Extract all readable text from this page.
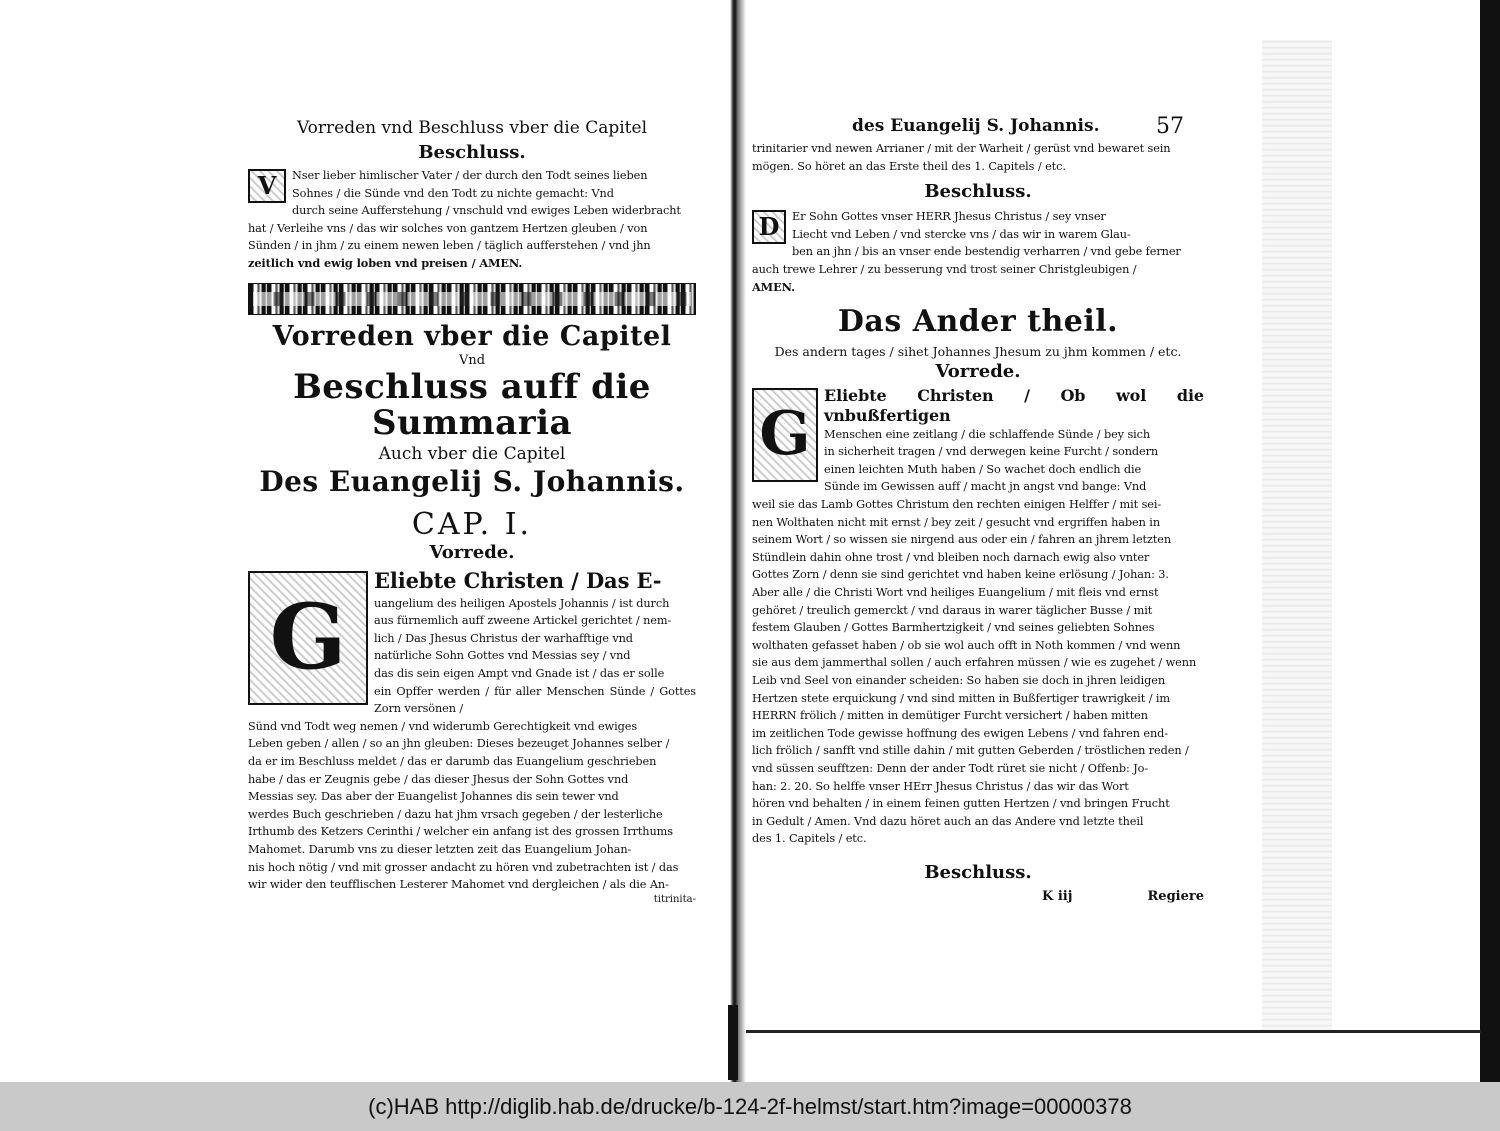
Vorreden vnd Beschluss vber die Capitel
Beschluss.
V	Nser lieber himlischer Vater / der durch den Todt seines lieben

Sohnes / die Sünde vnd den Todt zu nichte gemacht: Vnd

durch seine Aufferstehung / vnschuld vnd ewiges Leben widerbracht

hat / Verleihe vns / das wir solches von gantzem Hertzen gleuben / von

Sünden / in jhm / zu einem newen leben / täglich aufferstehen / vnd jhn

zeitlich vnd ewig loben vnd preisen / AMEN.

Vorreden vber die Capitel
Vnd
Beschluss auff die Summaria
Auch vber die Capitel
Des Euangelij S. Johannis.
CAP. I.
Vorrede.
G

Eliebte Christen / Das E-

uangelium des heiligen Apostels Johannis / ist durch

aus fürnemlich auff zweene Artickel gerichtet / nem-

lich / Das Jhesus Christus der warhafftige vnd

natürliche Sohn Gottes vnd Messias sey / vnd

das dis sein eigen Ampt vnd Gnade ist / das er solle

ein Opffer werden / für aller Menschen Sünde / Gottes Zorn versönen /

Sünd vnd Todt weg nemen / vnd widerumb Gerechtigkeit vnd ewiges

Leben geben / allen / so an jhn gleuben: Dieses bezeuget Johannes selber /

da er im Beschluss meldet / das er darumb das Euangelium geschrieben

habe / das er Zeugnis gebe / das dieser Jhesus der Sohn Gottes vnd

Messias sey. Das aber der Euangelist Johannes dis sein tewer vnd

werdes Buch geschrieben / dazu hat jhm vrsach gegeben / der lesterliche

Irthumb des Ketzers Cerinthi / welcher ein anfang ist des grossen Irrthums

Mahomet. Darumb vns zu dieser letzten zeit das Euangelium Johan-

nis hoch nötig / vnd mit grosser andacht zu hören vnd zubetrachten ist / das

wir wider den teufflischen Lesterer Mahomet vnd dergleichen / als die An-

titrinita-
des Euangelij S. Johannis.	57

trinitarier vnd newen Arrianer / mit der Warheit / gerüst vnd bewaret sein

mögen. So höret an das Erste theil des 1. Capitels / etc.

Beschluss.
D	Er Sohn Gottes vnser HERR Jhesus Christus / sey vnser

Liecht vnd Leben / vnd stercke vns / das wir in warem Glau-

ben an jhn / bis an vnser ende bestendig verharren / vnd gebe ferner

auch trewe Lehrer / zu besserung vnd trost seiner Christgleubigen /

AMEN.

Das Ander theil.
Des andern tages / sihet Johannes Jhesum zu jhm kommen / etc.
Vorrede.
G

Eliebte Christen / Ob wol die vnbußfertigen

Menschen eine zeitlang / die schlaffende Sünde / bey sich

in sicherheit tragen / vnd derwegen keine Furcht / sondern

einen leichten Muth haben / So wachet doch endlich die

Sünde im Gewissen auff / macht jn angst vnd bange: Vnd

weil sie das Lamb Gottes Christum den rechten einigen Helffer / mit sei-

nen Wolthaten nicht mit ernst / bey zeit / gesucht vnd ergriffen haben in

seinem Wort / so wissen sie nirgend aus oder ein / fahren an jhrem letzten

Stündlein dahin ohne trost / vnd bleiben noch darnach ewig also vnter

Gottes Zorn / denn sie sind gerichtet vnd haben keine erlösung / Johan: 3.

Aber alle / die Christi Wort vnd heiliges Euangelium / mit fleis vnd ernst

gehöret / treulich gemerckt / vnd daraus in warer täglicher Busse / mit

festem Glauben / Gottes Barmhertzigkeit / vnd seines geliebten Sohnes

wolthaten gefasset haben / ob sie wol auch offt in Noth kommen / vnd wenn

sie aus dem jammerthal sollen / auch erfahren müssen / wie es zugehet / wenn

Leib vnd Seel von einander scheiden: So haben sie doch in jhren leidigen

Hertzen stete erquickung / vnd sind mitten in Bußfertiger trawrigkeit / im

HERRN frölich / mitten in demütiger Furcht versichert / haben mitten

im zeitlichen Tode gewisse hoffnung des ewigen Lebens / vnd fahren end-

lich frölich / sanfft vnd stille dahin / mit gutten Geberden / tröstlichen reden /

vnd süssen seufftzen: Denn der ander Todt rüret sie nicht / Offenb: Jo-

han: 2. 20. So helffe vnser HErr Jhesus Christus / das wir das Wort

hören vnd behalten / in einem feinen gutten Hertzen / vnd bringen Frucht

in Gedult / Amen. Vnd dazu höret auch an das Andere vnd letzte theil

des 1. Capitels / etc.

Beschluss.
K iij	Regiere
(c)HAB http://diglib.hab.de/drucke/b-124-2f-helmst/start.htm?image=00000378
